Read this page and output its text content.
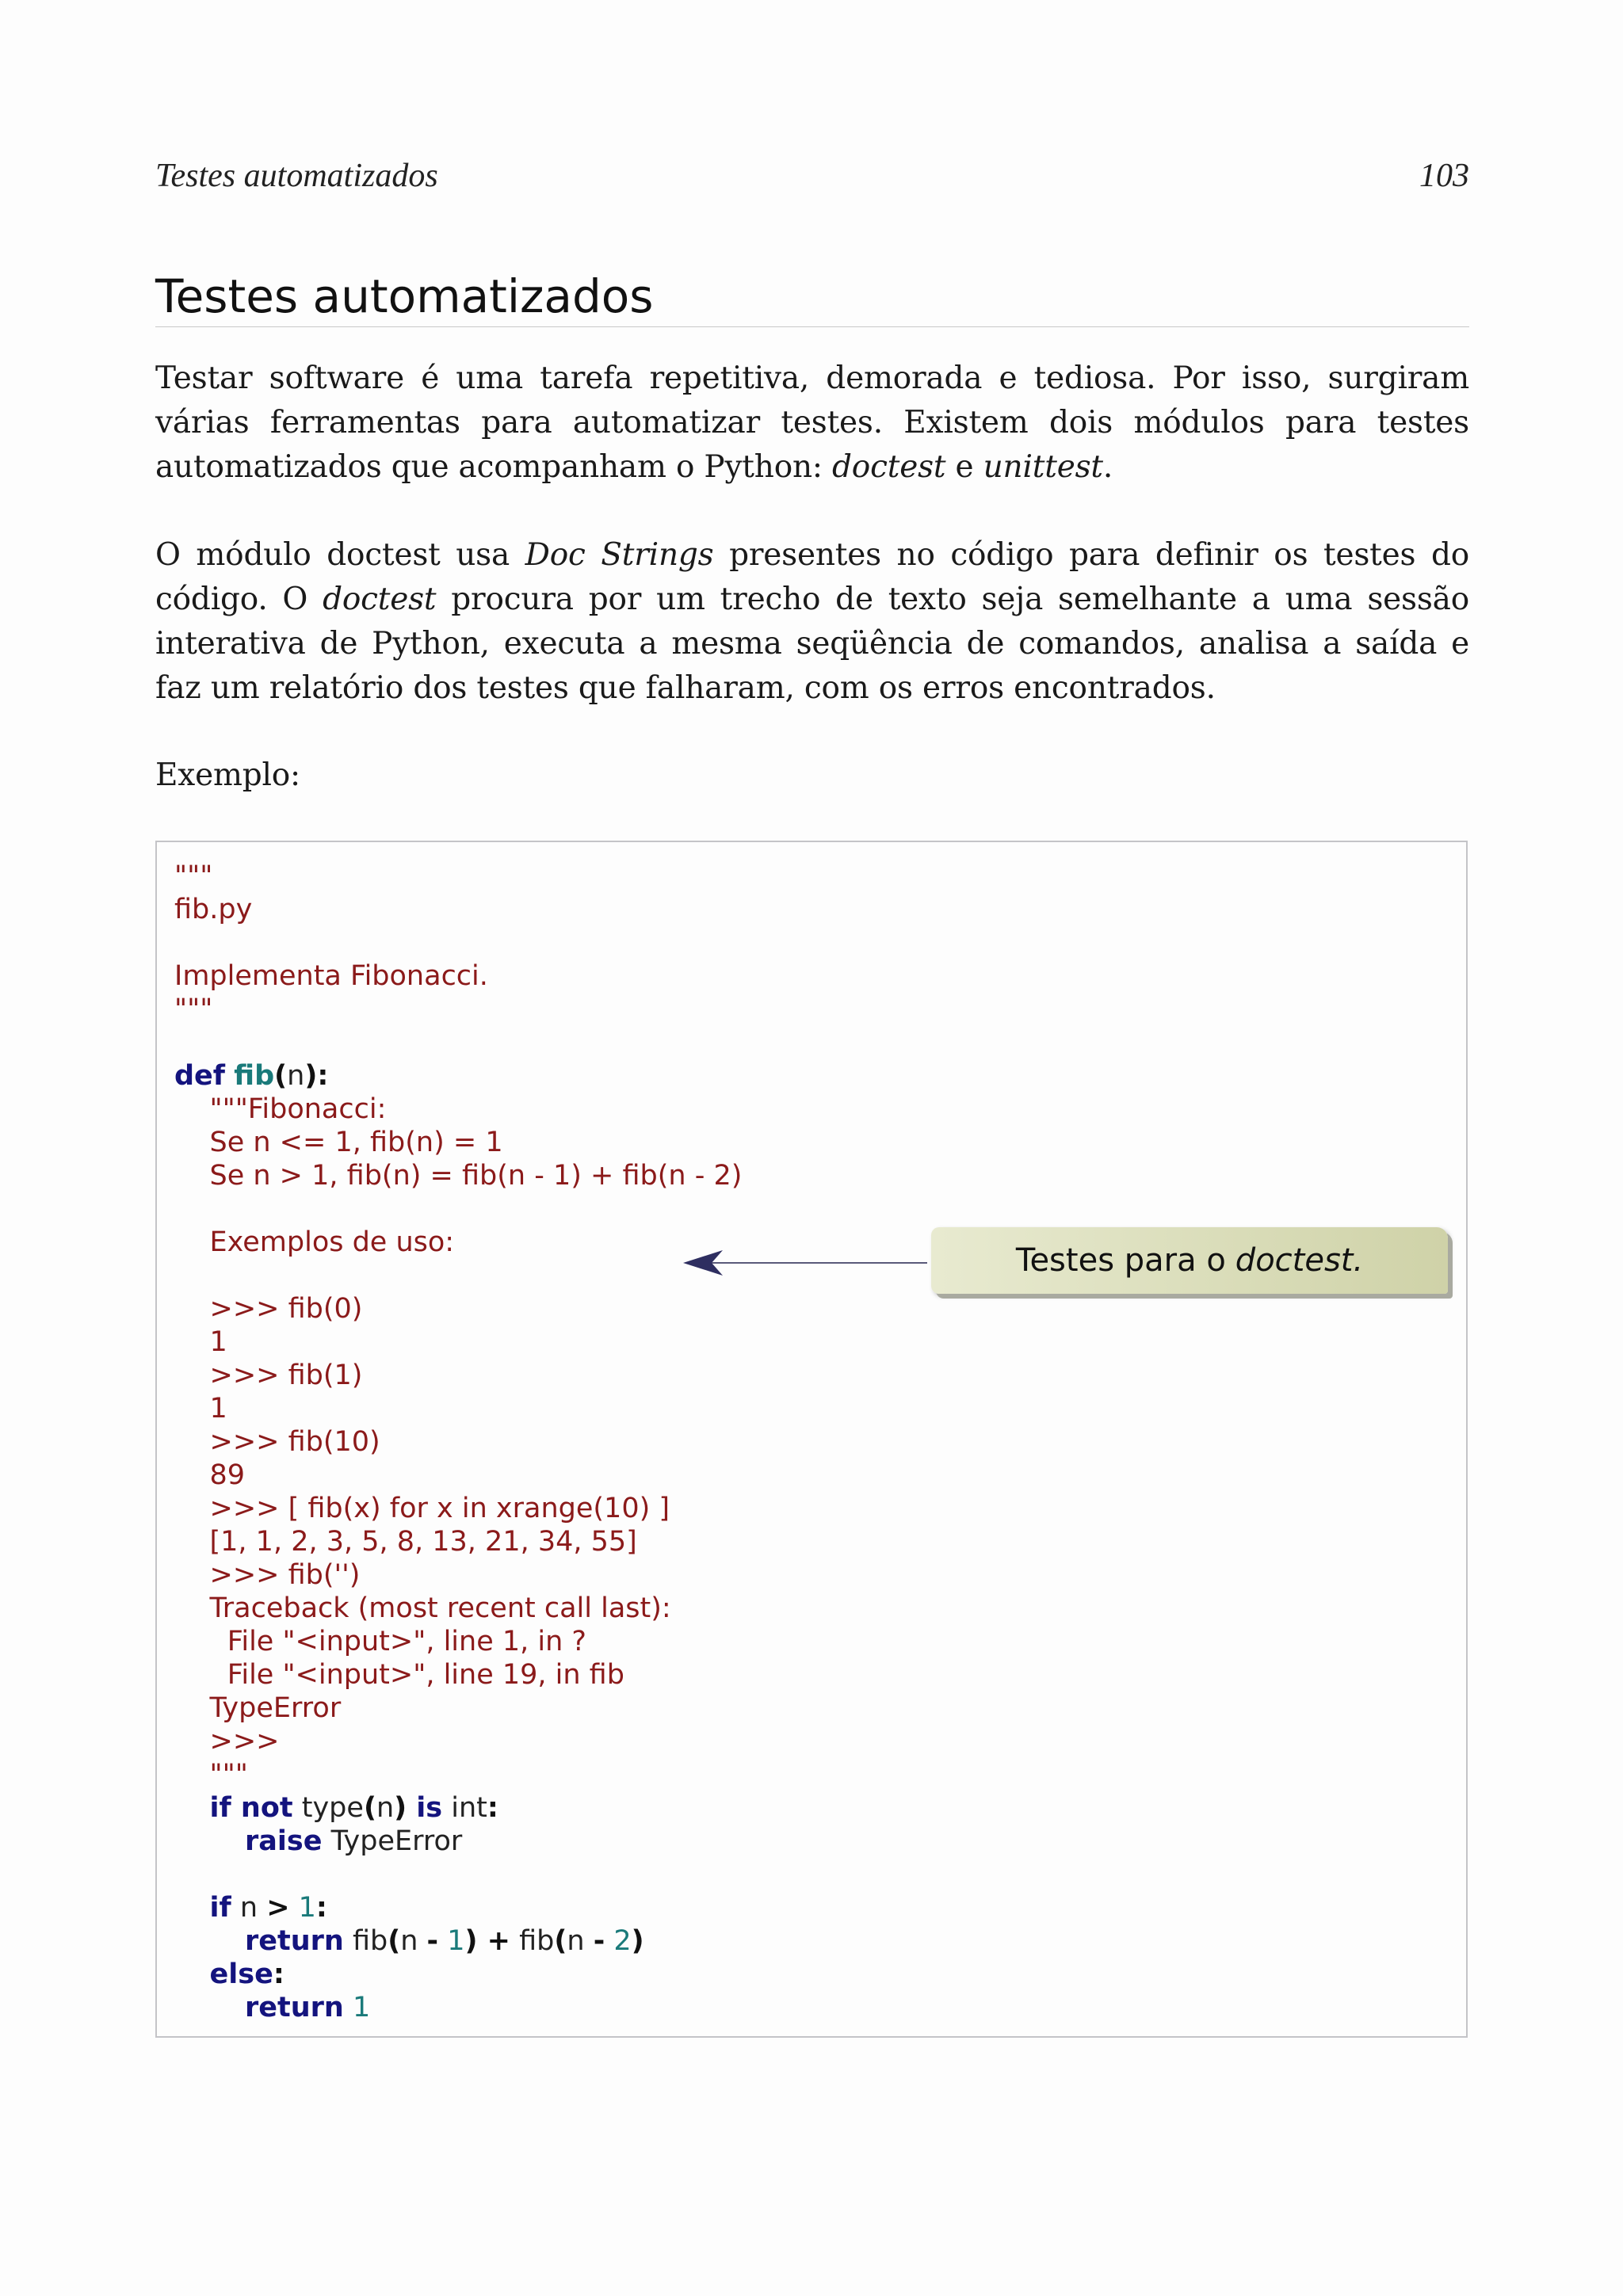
Testes automatizados	103
Testes automatizados

Testar software é uma tarefa repetitiva, demorada e tediosa. Por isso, surgiram várias ferramentas para automatizar testes. Existem dois módulos para testes automatizados que acompanham o Python: doctest e unittest.

O módulo doctest usa Doc Strings presentes no código para definir os testes do código. O doctest procura por um trecho de texto seja semelhante a uma sessão interativa de Python, executa a mesma seqüência de comandos, analisa a saída e faz um relatório dos testes que falharam, com os erros encontrados.

Exemplo:

"""
fib.py
Implementa Fibonacci.
"""
def fib(n):
"""Fibonacci:
Se n <= 1, fib(n) = 1
Se n > 1, fib(n) = fib(n - 1) + fib(n - 2)
Exemplos de uso:
>>> fib(0)
1
>>> fib(1)
1
>>> fib(10)
89
>>> [ fib(x) for x in xrange(10) ]
[1, 1, 2, 3, 5, 8, 13, 21, 34, 55]
>>> fib('')
Traceback (most recent call last):
File "<input>", line 1, in ?
File "<input>", line 19, in fib
TypeError
>>>
"""
if not type(n) is int:
raise TypeError
if n > 1:
return fib(n - 1) + fib(n - 2)
else:
return 1
Testes para o doctest.
